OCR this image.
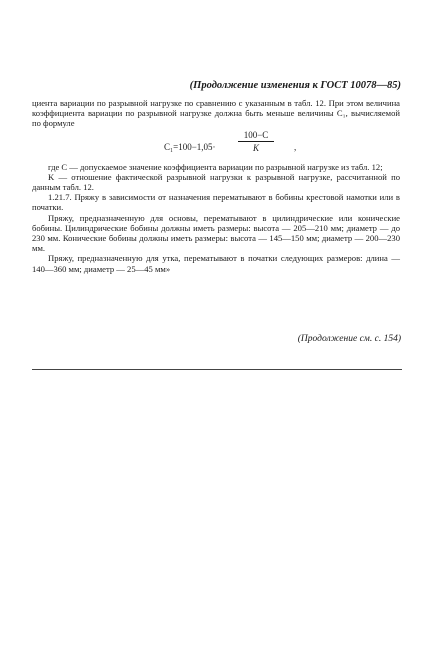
(Продолжение изменения к ГОСТ 10078—85)

циента вариации по разрывной нагрузке по сравнению с указанным в табл. 12. При этом величина коэффициента вариации по разрывной нагрузке должна быть меньше величины C₁, вычисляемой по формуле

$C_1=100-1,05\cdot \frac{100-C}{K}$ ,

где C — допускаемое значение коэффициента вариации по разрывной нагрузке из табл. 12;

K — отношение фактической разрывной нагрузки к разрывной нагрузке, рассчитанной по данным табл. 12.

1.21.7. Пряжу в зависимости от назначения перематывают в бобины крестовой намотки или в початки.

Пряжу, предназначенную для основы, перематывают в цилиндрические или конические бобины. Цилиндрические бобины должны иметь размеры: высота — 205—210 мм; диаметр — до 230 мм. Конические бобины должны иметь размеры: высота — 145—150 мм; диаметр — 200—230 мм.

Пряжу, предназначенную для утка, перематывают в початки следующих размеров: длина — 140—360 мм; диаметр — 25—45 мм»

(Продолжение см. с. 154)
